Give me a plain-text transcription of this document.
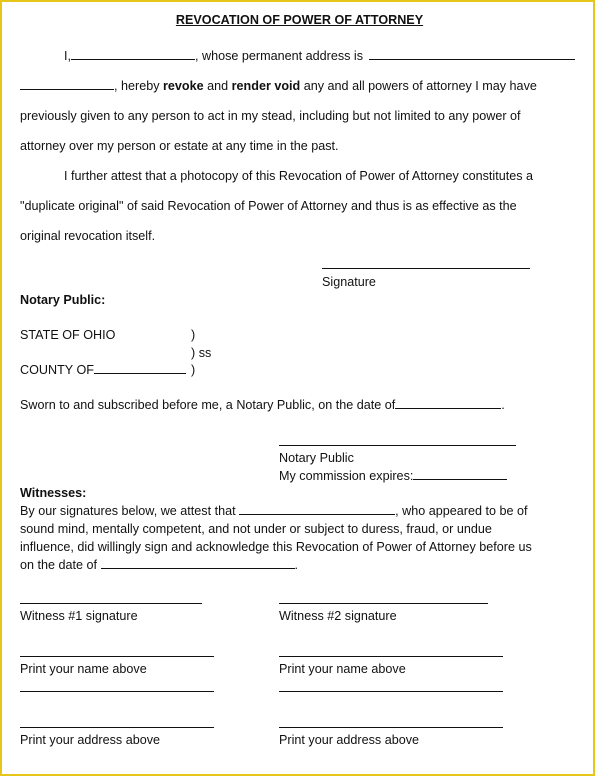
REVOCATION OF POWER OF ATTORNEY
I,	, whose permanent address is
, hereby revoke and render void any and all powers of attorney I may have
previously given to any person to act in my stead, including but not limited to any power of
attorney over my person or estate at any time in the past.
I further attest that a photocopy of this Revocation of Power of Attorney constitutes a
"duplicate original" of said Revocation of Power of Attorney and thus is as effective as the
original revocation itself.
Signature
Notary Public:
STATE OF OHIO	)
) ss
COUNTY OF	)
Sworn to and subscribed before me, a Notary Public, on the date of	.
Notary Public
My commission expires:
Witnesses:
By our signatures below, we attest that	, who appeared to be of
sound mind, mentally competent, and not under or subject to duress, fraud, or undue
influence, did willingly sign and acknowledge this Revocation of Power of Attorney before us
on the date of	.
Witness #1 signature	Witness #2 signature
Print your name above	Print your name above
Print your address above	Print your address above
